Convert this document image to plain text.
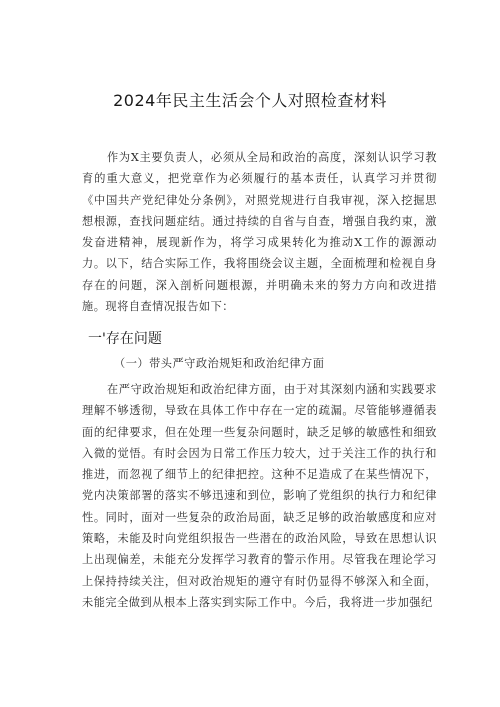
2024年民主生活会个人对照检查材料
作为X主要负责人，必须从全局和政治的高度，深刻认识学习教育的重大意义，把党章作为必须履行的基本责任，认真学习并贯彻《中国共产党纪律处分条例》，对照党规进行自我审视，深入挖掘思想根源，查找问题症结。通过持续的自省与自查，增强自我约束，激发奋进精神，展现新作为，将学习成果转化为推动X工作的源源动力。以下，结合实际工作，我将围绕会议主题，全面梳理和检视自身存在的问题，深入剖析问题根源，并明确未来的努力方向和改进措施。现将自查情况报告如下：
一'存在问题
（一）带头严守政治规矩和政治纪律方面
在严守政治规矩和政治纪律方面，由于对其深刻内涵和实践要求理解不够透彻，导致在具体工作中存在一定的疏漏。尽管能够遵循表面的纪律要求，但在处理一些复杂问题时，缺乏足够的敏感性和细致入微的觉悟。有时会因为日常工作压力较大，过于关注工作的执行和推进，而忽视了细节上的纪律把控。这种不足造成了在某些情况下，党内决策部署的落实不够迅速和到位，影响了党组织的执行力和纪律性。同时，面对一些复杂的政治局面，缺乏足够的政治敏感度和应对策略，未能及时向党组织报告一些潜在的政治风险，导致在思想认识上出现偏差，未能充分发挥学习教育的警示作用。尽管我在理论学习上保持持续关注，但对政治规矩的遵守有时仍显得不够深入和全面，未能完全做到从根本上落实到实际工作中。今后，我将进一步加强纪
